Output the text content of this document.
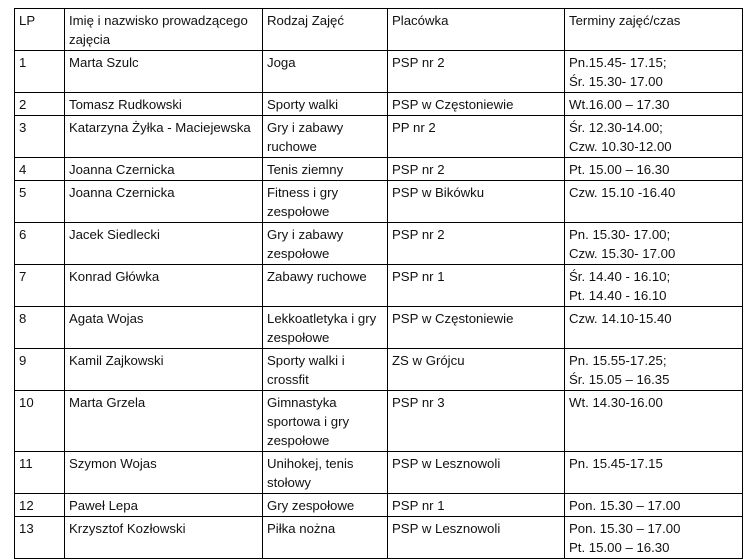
LP	Imię i nazwisko prowadzącego zajęcia	Rodzaj Zajęć	Placówka	Terminy zajęć/czas

1	Marta Szulc	Joga	PSP nr 2	Pn.15.45- 17.15;
Śr. 15.30- 17.00

2	Tomasz Rudkowski	Sporty walki	PSP w Częstoniewie	Wt.16.00 – 17.30

3	Katarzyna Żyłka - Maciejewska	Gry i zabawy ruchowe	PP nr 2	Śr. 12.30-14.00;
Czw. 10.30-12.00

4	Joanna Czernicka	Tenis ziemny	PSP nr 2	Pt. 15.00 – 16.30

5	Joanna Czernicka	Fitness i gry zespołowe	PSP w Bikówku	Czw. 15.10 -16.40

6	Jacek Siedlecki	Gry i zabawy zespołowe	PSP nr 2	Pn. 15.30- 17.00;
Czw. 15.30- 17.00

7	Konrad Główka	Zabawy ruchowe	PSP nr 1	Śr. 14.40 - 16.10;
Pt. 14.40 - 16.10

8	Agata Wojas	Lekkoatletyka i gry zespołowe	PSP w Częstoniewie	Czw. 14.10-15.40

9	Kamil Zajkowski	Sporty walki i crossfit	ZS w Grójcu	Pn. 15.55-17.25;
Śr. 15.05 – 16.35

10	Marta Grzela	Gimnastyka sportowa i gry zespołowe	PSP nr 3	Wt. 14.30-16.00

11	Szymon Wojas	Unihokej, tenis stołowy	PSP w Lesznowoli	Pn. 15.45-17.15

12	Paweł Lepa	Gry zespołowe	PSP nr 1	Pon. 15.30 – 17.00

13	Krzysztof Kozłowski	Piłka nożna	PSP w Lesznowoli	Pon. 15.30 – 17.00
Pt. 15.00 – 16.30
